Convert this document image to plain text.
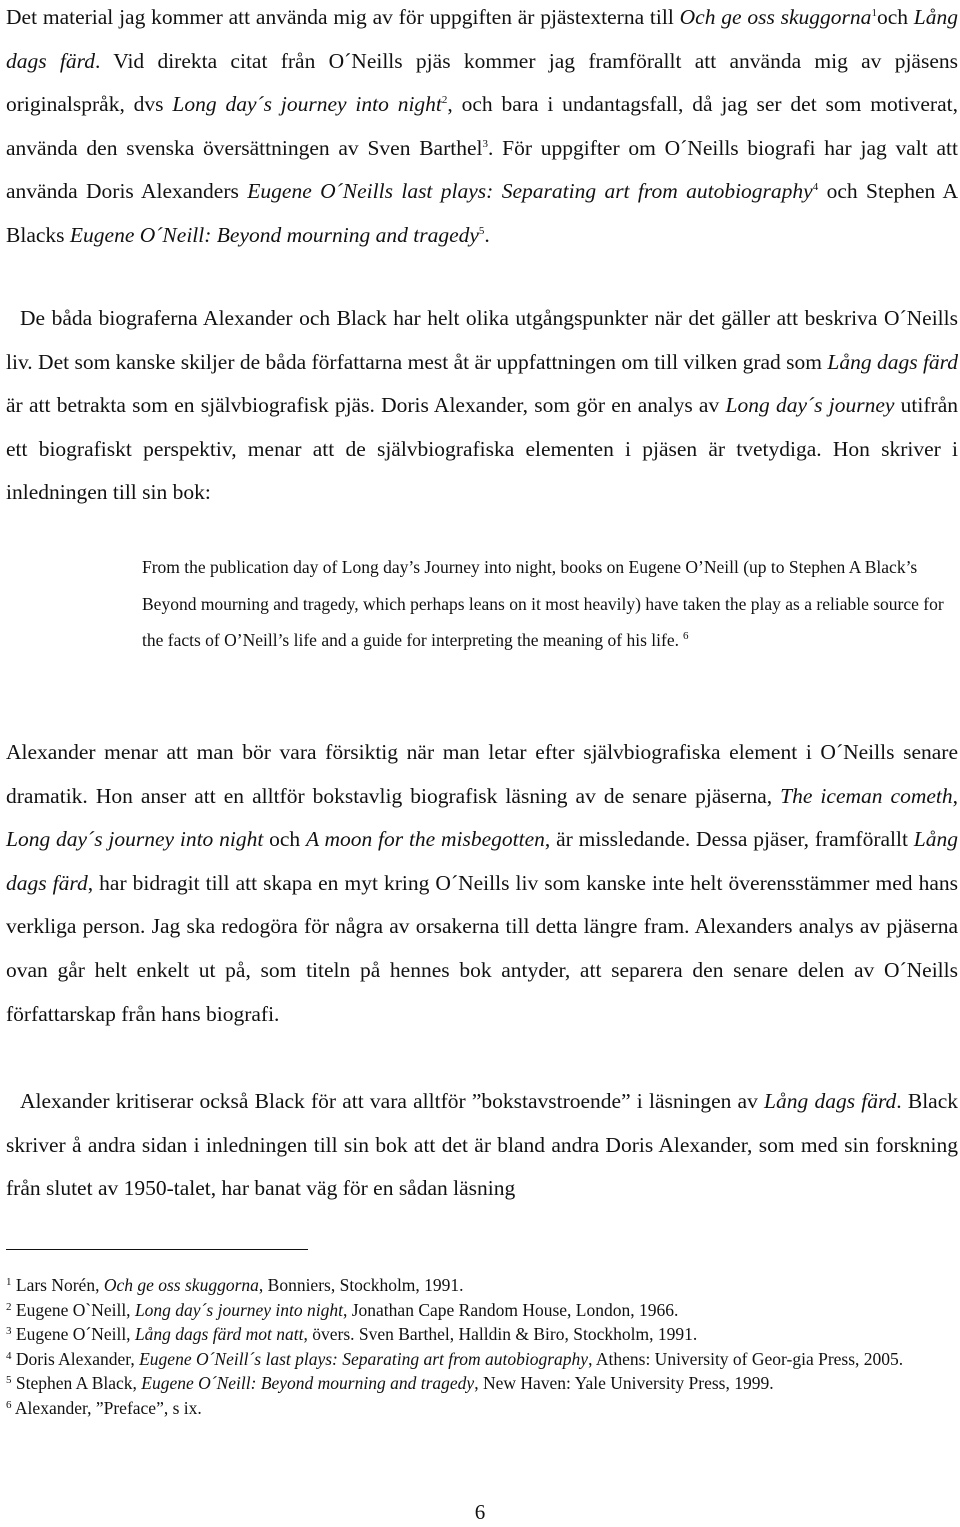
Det material jag kommer att använda mig av för uppgiften är pjästexterna till Och ge oss skuggorna$^1$och Lång dags färd. Vid direkta citat från O´Neills pjäs kommer jag framförallt att använda mig av pjäsens originalspråk, dvs Long day´s journey into night$^2$, och bara i undantagsfall, då jag ser det som motiverat, använda den svenska översättningen av Sven Barthel$^3$. För uppgifter om O´Neills biografi har jag valt att använda Doris Alexanders Eugene O´Neills last plays: Separating art from autobiography$^4$ och Stephen A Blacks Eugene O´Neill: Beyond mourning and tragedy$^5$.

De båda biograferna Alexander och Black har helt olika utgångspunkter när det gäller att beskriva O´Neills liv. Det som kanske skiljer de båda författarna mest åt är uppfattningen om till vilken grad som Lång dags färd är att betrakta som en självbiografisk pjäs. Doris Alexander, som gör en analys av Long day´s journey utifrån ett biografiskt perspektiv, menar att de självbiografiska elementen i pjäsen är tvetydiga. Hon skriver i inledningen till sin bok:

From the publication day of Long day’s Journey into night, books on Eugene O’Neill (up to Stephen A Black’s Beyond mourning and tragedy, which perhaps leans on it most heavily) have taken the play as a reliable source for the facts of O’Neill’s life and a guide for interpreting the meaning of his life. $^6$

Alexander menar att man bör vara försiktig när man letar efter självbiografiska element i O´Neills senare dramatik. Hon anser att en alltför bokstavlig biografisk läsning av de senare pjäserna, The iceman cometh, Long day´s journey into night och A moon for the misbegotten, är missledande. Dessa pjäser, framförallt Lång dags färd, har bidragit till att skapa en myt kring O´Neills liv som kanske inte helt överensstämmer med hans verkliga person. Jag ska redogöra för några av orsakerna till detta längre fram. Alexanders analys av pjäserna ovan går helt enkelt ut på, som titeln på hennes bok antyder, att separera den senare delen av O´Neills författarskap från hans biografi.

Alexander kritiserar också Black för att vara alltför ”bokstavstroende” i läsningen av Lång dags färd. Black skriver å andra sidan i inledningen till sin bok att det är bland andra Doris Alexander, som med sin forskning från slutet av 1950-talet, har banat väg för en sådan läsning

$^1$ Lars Norén, Och ge oss skuggorna, Bonniers, Stockholm, 1991.

$^2$ Eugene O`Neill, Long day´s journey into night, Jonathan Cape Random House, London, 1966.

$^3$ Eugene O´Neill, Lång dags färd mot natt, övers. Sven Barthel, Halldin & Biro, Stockholm, 1991.

$^4$ Doris Alexander, Eugene O´Neill´s last plays: Separating art from autobiography, Athens: University of Geor-gia Press, 2005.

$^5$ Stephen A Black, Eugene O´Neill: Beyond mourning and tragedy, New Haven: Yale University Press, 1999.

$^6$ Alexander, ”Preface”, s ix.

6
